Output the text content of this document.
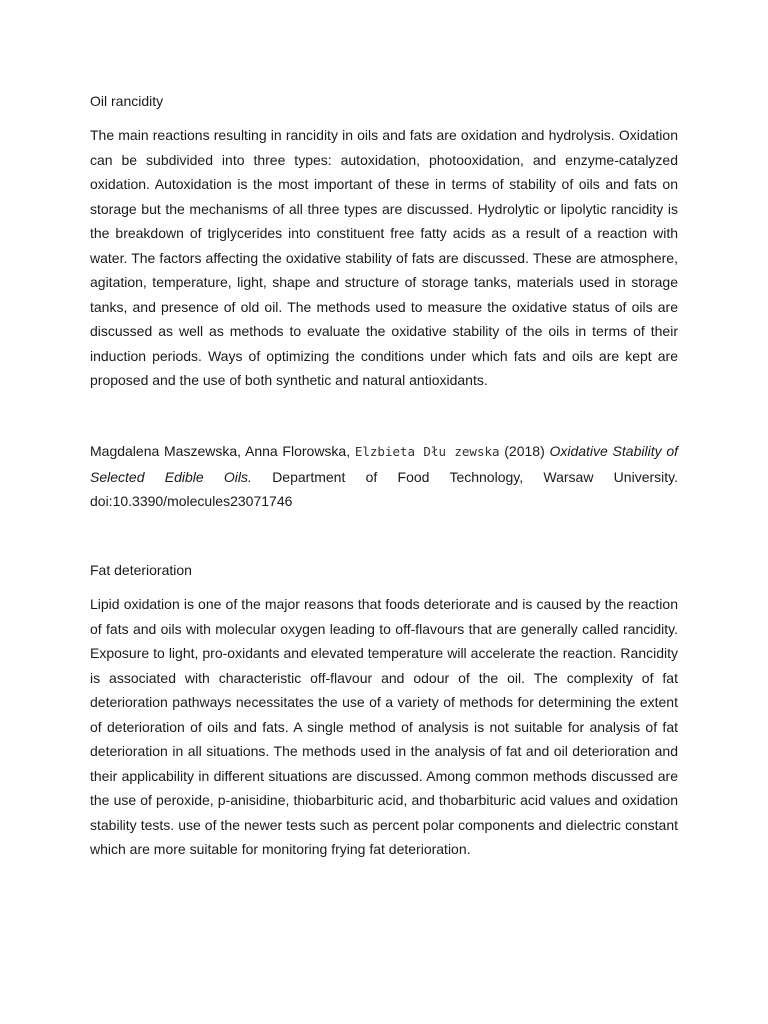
Oil rancidity

The main reactions resulting in rancidity in oils and fats are oxidation and hydrolysis. Oxidation can be subdivided into three types: autoxidation, photooxidation, and enzyme-catalyzed oxidation. Autoxidation is the most important of these in terms of stability of oils and fats on storage but the mechanisms of all three types are discussed. Hydrolytic or lipolytic rancidity is the breakdown of triglycerides into constituent free fatty acids as a result of a reaction with water. The factors affecting the oxidative stability of fats are discussed. These are atmosphere, agitation, temperature, light, shape and structure of storage tanks, materials used in storage tanks, and presence of old oil. The methods used to measure the oxidative status of oils are discussed as well as methods to evaluate the oxidative stability of the oils in terms of their induction periods. Ways of optimizing the conditions under which fats and oils are kept are proposed and the use of both synthetic and natural antioxidants.

Magdalena Maszewska, Anna Florowska, Elzbieta Dłu zewska (2018) Oxidative Stability of Selected Edible Oils. Department of Food Technology, Warsaw University. doi:10.3390/molecules23071746

Fat deterioration

Lipid oxidation is one of the major reasons that foods deteriorate and is caused by the reaction of fats and oils with molecular oxygen leading to off-flavours that are generally called rancidity. Exposure to light, pro-oxidants and elevated temperature will accelerate the reaction. Rancidity is associated with characteristic off-flavour and odour of the oil. The complexity of fat deterioration pathways necessitates the use of a variety of methods for determining the extent of deterioration of oils and fats. A single method of analysis is not suitable for analysis of fat deterioration in all situations. The methods used in the analysis of fat and oil deterioration and their applicability in different situations are discussed. Among common methods discussed are the use of peroxide, p-anisidine, thiobarbituric acid, and thobarbituric acid values and oxidation stability tests. use of the newer tests such as percent polar components and dielectric constant which are more suitable for monitoring frying fat deterioration.
